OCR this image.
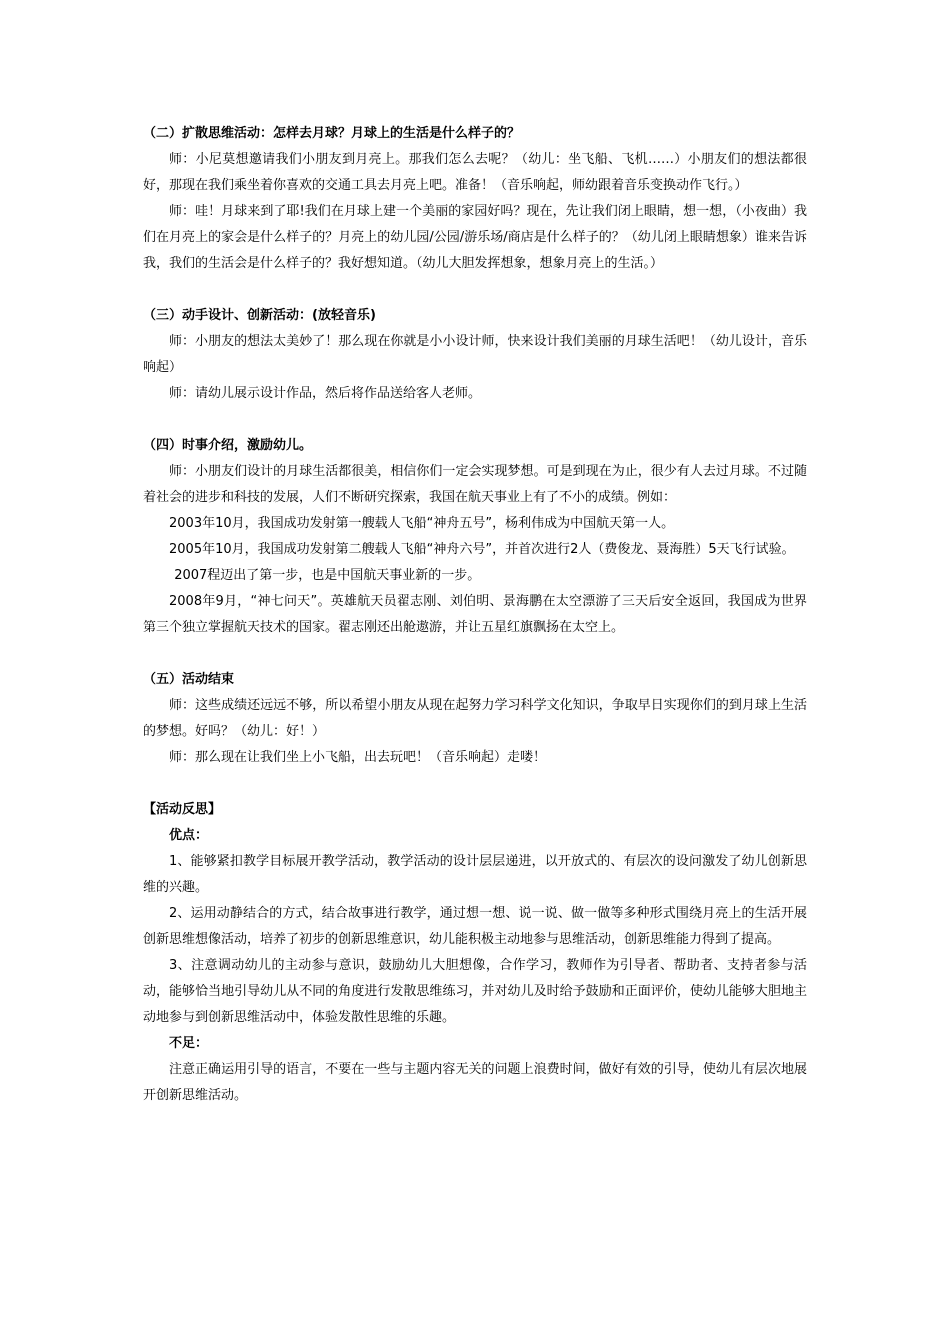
（二）扩散思维活动：怎样去月球？月球上的生活是什么样子的？

师：小尼莫想邀请我们小朋友到月亮上。那我们怎么去呢？（幼儿：坐飞船、飞机……）小朋友们的想法都很好，那现在我们乘坐着你喜欢的交通工具去月亮上吧。准备！（音乐响起，师幼跟着音乐变换动作飞行。）

师：哇！月球来到了耶!我们在月球上建一个美丽的家园好吗？现在，先让我们闭上眼睛，想一想，（小夜曲）我们在月亮上的家会是什么样子的？月亮上的幼儿园/公园/游乐场/商店是什么样子的？（幼儿闭上眼睛想象）谁来告诉我，我们的生活会是什么样子的？我好想知道。（幼儿大胆发挥想象，想象月亮上的生活。）

（三）动手设计、创新活动：(放轻音乐)

师：小朋友的想法太美妙了！那么现在你就是小小设计师，快来设计我们美丽的月球生活吧！（幼儿设计，音乐响起）

师：请幼儿展示设计作品，然后将作品送给客人老师。

（四）时事介绍，激励幼儿。

师：小朋友们设计的月球生活都很美，相信你们一定会实现梦想。可是到现在为止，很少有人去过月球。不过随着社会的进步和科技的发展，人们不断研究探索，我国在航天事业上有了不小的成绩。例如：

2003年10月，我国成功发射第一艘载人飞船“神舟五号”，杨利伟成为中国航天第一人。

2005年10月，我国成功发射第二艘载人飞船“神舟六号”，并首次进行2人（费俊龙、聂海胜）5天飞行试验。

2007程迈出了第一步，也是中国航天事业新的一步。

2008年9月，“神七问天”。英雄航天员翟志刚、刘伯明、景海鹏在太空漂游了三天后安全返回，我国成为世界第三个独立掌握航天技术的国家。翟志刚还出舱遨游，并让五星红旗飘扬在太空上。

（五）活动结束

师：这些成绩还远远不够，所以希望小朋友从现在起努力学习科学文化知识，争取早日实现你们的到月球上生活的梦想。好吗？（幼儿：好！）

师：那么现在让我们坐上小飞船，出去玩吧！（音乐响起）走喽！

【活动反思】

优点：

1、能够紧扣教学目标展开教学活动，教学活动的设计层层递进，以开放式的、有层次的设问激发了幼儿创新思维的兴趣。

2、运用动静结合的方式，结合故事进行教学，通过想一想、说一说、做一做等多种形式围绕月亮上的生活开展创新思维想像活动，培养了初步的创新思维意识，幼儿能积极主动地参与思维活动，创新思维能力得到了提高。

3、注意调动幼儿的主动参与意识，鼓励幼儿大胆想像，合作学习，教师作为引导者、帮助者、支持者参与活动，能够恰当地引导幼儿从不同的角度进行发散思维练习，并对幼儿及时给予鼓励和正面评价，使幼儿能够大胆地主动地参与到创新思维活动中，体验发散性思维的乐趣。

不足：

注意正确运用引导的语言，不要在一些与主题内容无关的问题上浪费时间，做好有效的引导，使幼儿有层次地展开创新思维活动。
